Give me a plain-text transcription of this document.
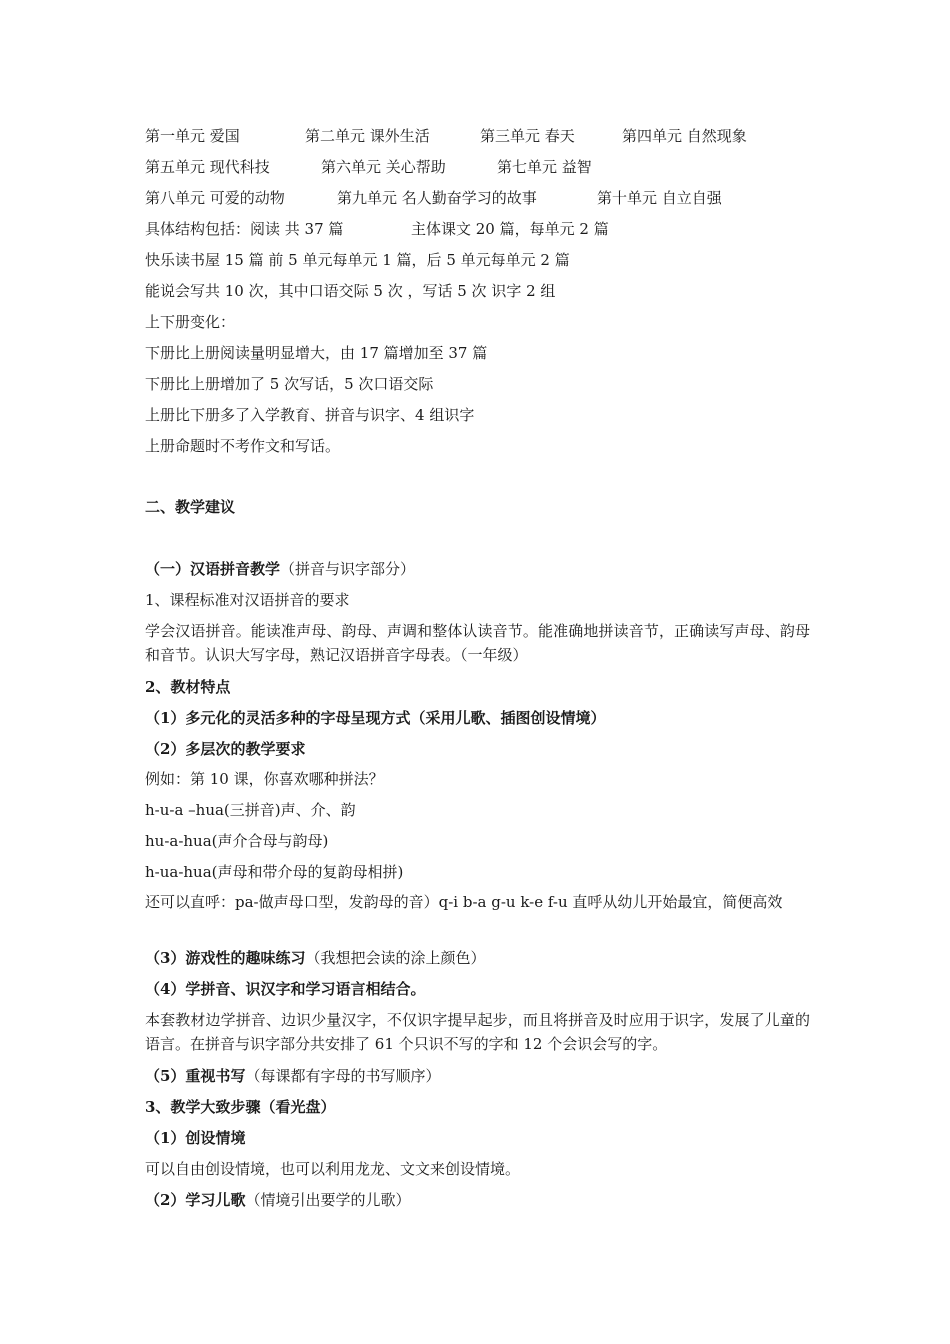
第一单元 爱国	第二单元 课外生活	第三单元 春天	第四单元 自然现象
第五单元 现代科技	第六单元 关心帮助	第七单元 益智
第八单元 可爱的动物	第九单元 名人勤奋学习的故事	第十单元 自立自强
具体结构包括：阅读 共 37 篇	主体课文 20 篇，每单元 2 篇
快乐读书屋 15 篇 前 5 单元每单元 1 篇，后 5 单元每单元 2 篇
能说会写共 10 次，其中口语交际 5 次 ，写话 5 次 识字 2 组
上下册变化：
下册比上册阅读量明显增大，由 17 篇增加至 37 篇
下册比上册增加了 5 次写话，5 次口语交际
上册比下册多了入学教育、拼音与识字、4 组识字
上册命题时不考作文和写话。
二、教学建议
（一）汉语拼音教学（拼音与识字部分）
1、课程标准对汉语拼音的要求
学会汉语拼音。能读准声母、韵母、声调和整体认读音节。能准确地拼读音节，正确读写声母、韵母和音节。认识大写字母，熟记汉语拼音字母表。（一年级）
2、教材特点
（1）多元化的灵活多种的字母呈现方式（采用儿歌、插图创设情境）
（2）多层次的教学要求
例如：第 10 课，你喜欢哪种拼法？
h-u-a –hua(三拼音)声、介、韵
hu-a-hua(声介合母与韵母)
h-ua-hua(声母和带介母的复韵母相拼)
还可以直呼：pa-做声母口型，发韵母的音）q-i b-a g-u k-e f-u 直呼从幼儿开始最宜，简便高效
（3）游戏性的趣味练习（我想把会读的涂上颜色）
（4）学拼音、识汉字和学习语言相结合。
本套教材边学拼音、边识少量汉字，不仅识字提早起步，而且将拼音及时应用于识字，发展了儿童的语言。在拼音与识字部分共安排了 61 个只识不写的字和 12 个会识会写的字。
（5）重视书写（每课都有字母的书写顺序）
3、教学大致步骤（看光盘）
（1）创设情境
可以自由创设情境，也可以利用龙龙、文文来创设情境。
（2）学习儿歌（情境引出要学的儿歌）
